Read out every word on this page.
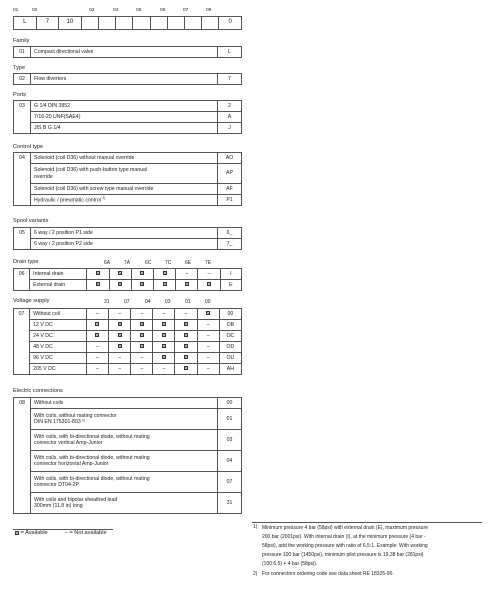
01	02	03	04	05	06	07	08
L	7	10									0
Family
01	Compact directional valve	L
Type
02	Flow diverters	7
Ports
03	G 1/4 DIN 3852	2
	7/16-20 UNF(SAE4)	A
	JIS B G 1/4	J
Control type
04	Solenoid (coil D36) without manual override	AO

	Solenoid (coil D36) with push-button type manual override	AP
	Solenoid (coil D36) with screw type manual override	AF
	Hydraulic / pneumatic control $^{1)}$	P1
Spool variants
05	6 way / 2 position P1 side	6_
	6 way / 2 position P2 side	7_
Drain type	6A	7A	6C	7C	6E	7E
06	Internal drain					–	–	I
	External drain							E
Voltage supply	31	07	04	03	01	00
07	Without coil	–	–	–	–	–		00
	12 V DC						–	OB
	24 V DC						–	OC
	48 V DC	–					–	OD
	96 V DC	–	–	–			–	OU
	205 V DC	–	–	–	–		–	AH
Electric connections
08	Without coils	00

	With coils, without mating connector
DIN EN 175301-803 ²⁾	01

	With coils, with bi-directional diode, without mating
connector vertical Amp-Junior	03

	With coils, with bi-directional diode, without mating
connector horizontal Amp-Junior	04

	With coils, with bi-directional diode, without mating
connector DT04-2P	07

	With coils and bipolar sheathed lead
300mm (11,8 in) long	31
= Available	– = Not available
1) Minimum pressure 4 bar (58psi) with external drain (E), maximum pressure
200 bar (2001psi). With internal drain (I), at the minimum pressure (4 bar -
58psi), add the working pressure with ratio of 6,5:1. Example: With working
pressure 100 bar (1450psi), minimum pilot pressure is 19,38 bar (281psi)
(100:6,5) + 4 bar (58psi).
2) For connectors ordering code see data sheet RE 18325-90.
